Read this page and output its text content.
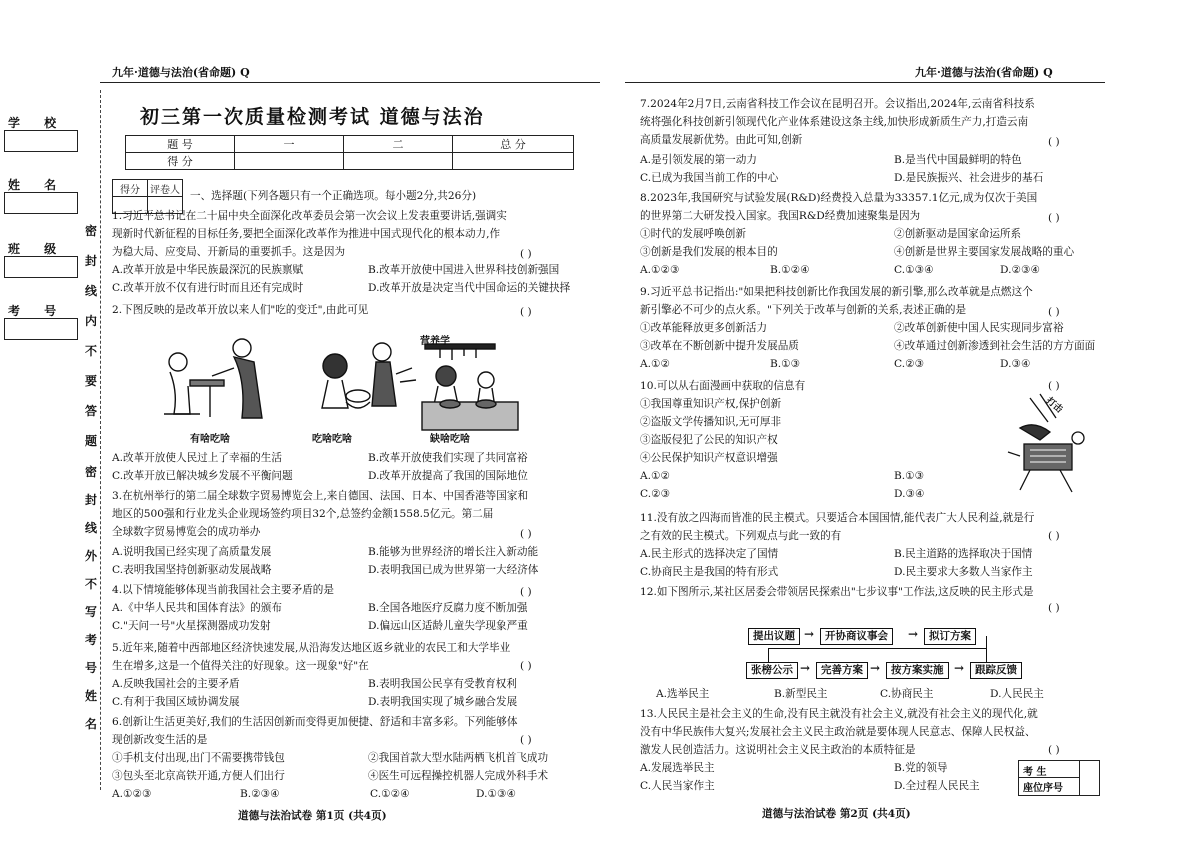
九年·道德与法治(省命题) Q	九年·道德与法治(省命题) Q
学 校
姓 名
班 级
考 号
密封线内不要答题
密封线外不写考号姓名
初三第一次质量检测考试 道德与法治
题 号	一	二	总 分
得 分			
得分	评卷人
	一、选择题(下列各题只有一个正确选项。每小题2分,共26分)
1.习近平总书记在二十届中央全面深化改革委员会第一次会议上发表重要讲话,强调实
现新时代新征程的目标任务,要把全面深化改革作为推进中国式现代化的根本动力,作
为稳大局、应变局、开新局的重要抓手。这是因为	( )
A.改革开放是中华民族最深沉的民族禀赋	B.改革开放使中国进入世界科技创新强国
C.改革开放不仅有进行时而且还有完成时	D.改革开放是决定当代中国命运的关键抉择
2.下图反映的是改革开放以来人们"吃的变迁",由此可见	( )
营养学
有啥吃啥	吃啥吃啥	缺啥吃啥
A.改革开放使人民过上了幸福的生活	B.改革开放使我们实现了共同富裕
C.改革开放已解决城乡发展不平衡问题	D.改革开放提高了我国的国际地位
3.在杭州举行的第二届全球数字贸易博览会上,来自德国、法国、日本、中国香港等国家和
地区的500强和行业龙头企业现场签约项目32个,总签约金额1558.5亿元。第二届
全球数字贸易博览会的成功举办	( )
A.说明我国已经实现了高质量发展	B.能够为世界经济的增长注入新动能
C.表明我国坚持创新驱动发展战略	D.表明我国已成为世界第一大经济体
4.以下情境能够体现当前我国社会主要矛盾的是	( )
A.《中华人民共和国体育法》的颁布	B.全国各地医疗反腐力度不断加强
C."天问一号"火星探测器成功发射	D.偏远山区适龄儿童失学现象严重
5.近年来,随着中西部地区经济快速发展,从沿海发达地区返乡就业的农民工和大学毕业
生在增多,这是一个值得关注的好现象。这一现象"好"在	( )
A.反映我国社会的主要矛盾	B.表明我国公民享有受教育权利
C.有利于我国区域协调发展	D.表明我国实现了城乡融合发展
6.创新让生活更美好,我们的生活因创新而变得更加便捷、舒适和丰富多彩。下列能够体
现创新改变生活的是	( )
①手机支付出现,出门不需要携带钱包	②我国首款大型水陆两栖飞机首飞成功
③包头至北京高铁开通,方便人们出行	④医生可远程操控机器人完成外科手术
A.①②③	B.②③④	C.①②④	D.①③④
道德与法治试卷 第1页 (共4页)
7.2024年2月7日,云南省科技工作会议在昆明召开。会议指出,2024年,云南省科技系
统将强化科技创新引领现代化产业体系建设这条主线,加快形成新质生产力,打造云南
高质量发展新优势。由此可知,创新	( )
A.是引领发展的第一动力	B.是当代中国最鲜明的特色
C.已成为我国当前工作的中心	D.是民族振兴、社会进步的基石
8.2023年,我国研究与试验发展(R&D)经费投入总量为33357.1亿元,成为仅次于美国
的世界第二大研发投入国家。我国R&D经费加速聚集是因为	( )
①时代的发展呼唤创新	②创新驱动是国家命运所系
③创新是我们发展的根本目的	④创新是世界主要国家发展战略的重心
A.①②③	B.①②④	C.①③④	D.②③④
9.习近平总书记指出:"如果把科技创新比作我国发展的新引擎,那么改革就是点燃这个
新引擎必不可少的点火系。"下列关于改革与创新的关系,表述正确的是	( )
①改革能释放更多创新活力	②改革创新使中国人民实现同步富裕
③改革在不断创新中提升发展品质	④改革通过创新渗透到社会生活的方方面面
A.①②	B.①③	C.②③	D.③④
10.可以从右面漫画中获取的信息有	( )
①我国尊重知识产权,保护创新
②盗版文学传播知识,无可厚非
③盗版侵犯了公民的知识产权
④公民保护知识产权意识增强
A.①②	B.①③
C.②③	D.③④
打击
11.没有放之四海而皆准的民主模式。只要适合本国国情,能代表广大人民利益,就是行
之有效的民主模式。下列观点与此一致的有	( )
A.民主形式的选择决定了国情	B.民主道路的选择取决于国情
C.协商民主是我国的特有形式	D.民主要求大多数人当家作主
12.如下图所示,某社区居委会带领居民探索出"七步议事"工作法,这反映的民主形式是
( )
提出议题 →	开协商议事会	→	拟订方案
张榜公示 →	完善方案 →	按方案实施 →	跟踪反馈
A.选举民主	B.新型民主	C.协商民主	D.人民民主
13.人民民主是社会主义的生命,没有民主就没有社会主义,就没有社会主义的现代化,就
没有中华民族伟大复兴;发展社会主义民主政治就是要体现人民意志、保障人民权益、
激发人民创造活力。这说明社会主义民主政治的本质特征是	( )
A.发展选举民主	B.党的领导
C.人民当家作主	D.全过程人民民主
考 生
座位序号
道德与法治试卷 第2页 (共4页)
